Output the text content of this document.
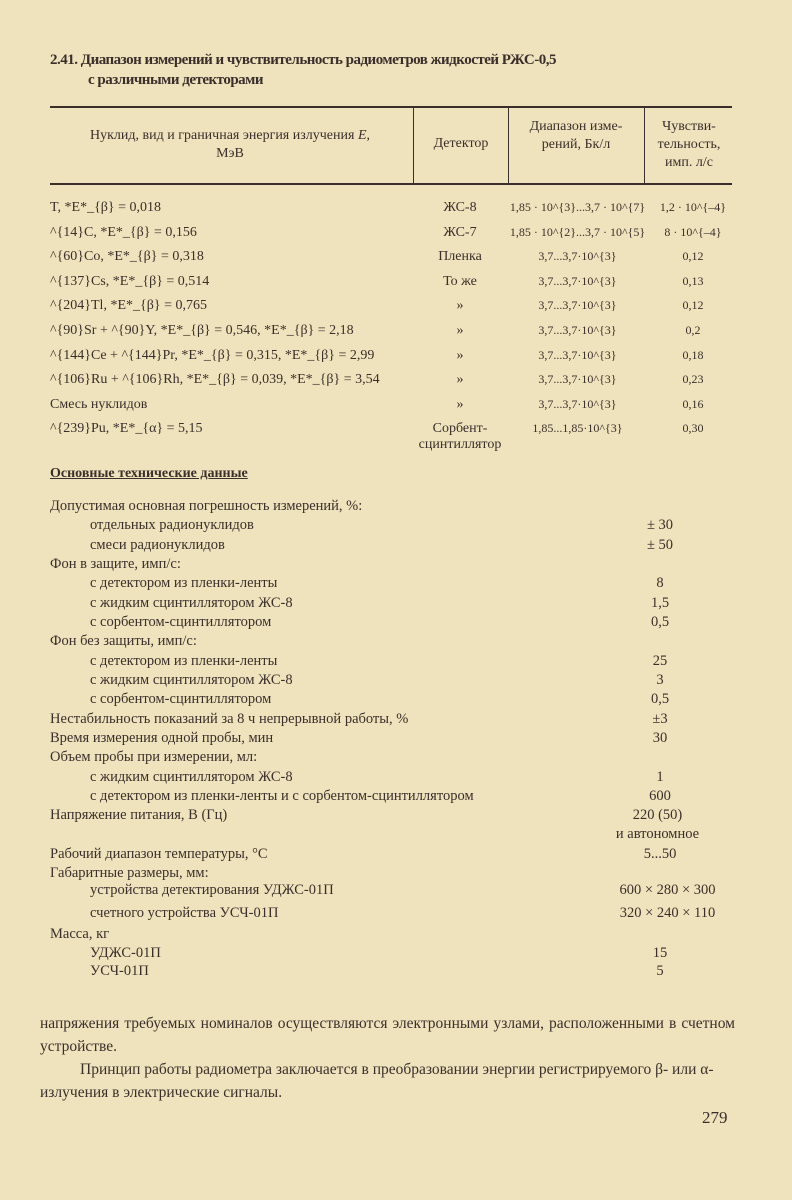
2.41. Диапазон измерений и чувствительность радиометров жидкостей РЖС-0,5
с различными детекторами
Нуклид, вид и граничная энергия излучения E, МэВ
Детектор
Диапазон изме-рений, Бк/л
Чувстви-тельность, имп. л/с
T, *E*_{β} = 0,018	ЖС-8	1,85 · 10^{3}...3,7 · 10^{7}	1,2 · 10^{–4}
^{14}C, *E*_{β} = 0,156	ЖС-7	1,85 · 10^{2}...3,7 · 10^{5}	8 · 10^{–4}
^{60}Co, *E*_{β} = 0,318	Пленка	3,7...3,7·10^{3}	0,12
^{137}Cs, *E*_{β} = 0,514	То же	3,7...3,7·10^{3}	0,13
^{204}Tl, *E*_{β} = 0,765	»	3,7...3,7·10^{3}	0,12
^{90}Sr + ^{90}Y, *E*_{β} = 0,546, *E*_{β} = 2,18	»	3,7...3,7·10^{3}	0,2
^{144}Ce + ^{144}Pr, *E*_{β} = 0,315, *E*_{β} = 2,99	»	3,7...3,7·10^{3}	0,18
^{106}Ru + ^{106}Rh, *E*_{β} = 0,039, *E*_{β} = 3,54	»	3,7...3,7·10^{3}	0,23
Смесь нуклидов	»	3,7...3,7·10^{3}	0,16
^{239}Pu, *E*_{α} = 5,15	Сорбент-	1,85...1,85·10^{3}	0,30
сцинтиллятор
Основные технические данные
Допустимая основная погрешность измерений, %:
отдельных радионуклидов	± 30
смеси радионуклидов	± 50
Фон в защите, имп/с:
с детектором из пленки-ленты	8
с жидким сцинтиллятором ЖС-8	1,5
с сорбентом-сцинтиллятором	0,5
Фон без защиты, имп/с:
с детектором из пленки-ленты	25
с жидким сцинтиллятором ЖС-8	3
с сорбентом-сцинтиллятором	0,5
Нестабильность показаний за 8 ч непрерывной работы, %	±3
Время измерения одной пробы, мин	30
Объем пробы при измерении, мл:
с жидким сцинтиллятором ЖС-8	1
с детектором из пленки-ленты и с сорбентом-сцинтиллятором	600
Напряжение питания, В (Гц)	220 (50)
и автономное
Рабочий диапазон температуры, °С	5...50
Габаритные размеры, мм:
устройства детектирования УДЖС-01П	600 × 280 × 300
счетного устройства УСЧ-01П	320 × 240 × 110
Масса, кг
УДЖС-01П	15
УСЧ-01П	5
напряжения требуемых номиналов осуществляются электронными узлами, расположенными в счетном устройстве.
Принцип работы радиометра заключается в преобразовании энергии регистрируемого β- или α-излучения в электрические сигналы.
279
